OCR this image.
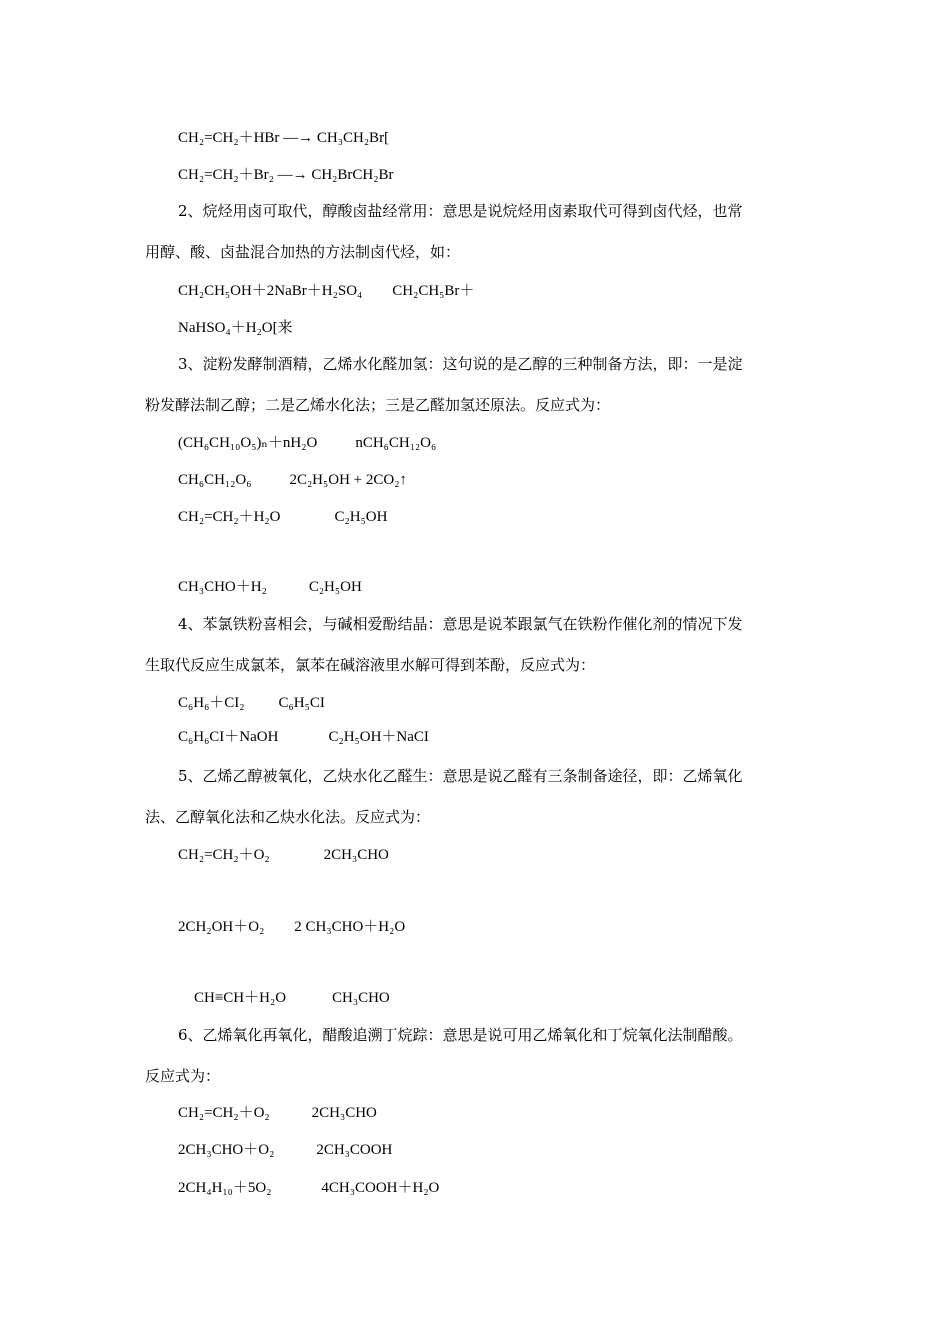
CH₂=CH₂＋HBr —→ CH₃CH₂Br[
CH₂=CH₂＋Br₂ —→ CH₂BrCH₂Br
2、烷烃用卤可取代，醇酸卤盐经常用：意思是说烷烃用卤素取代可得到卤代烃，也常
用醇、酸、卤盐混合加热的方法制卤代烃，如：
CH₂CH₅OH＋2NaBr＋H₂SO₄ CH₂CH₅Br＋
NaHSO₄＋H₂O[来
3、淀粉发酵制酒精，乙烯水化醛加氢：这句说的是乙醇的三种制备方法，即：一是淀
粉发酵法制乙醇；二是乙烯水化法；三是乙醛加氢还原法。反应式为：
(CH₆CH₁₀O₅)ₙ＋nH₂O	nCH₆CH₁₂O₆
CH₆CH₁₂O₆	2C₂H₅OH + 2CO₂↑
CH₂=CH₂＋H₂O	C₂H₅OH
CH₃CHO＋H₂	C₂H₅OH
4、苯氯铁粉喜相会，与碱相爱酚结晶：意思是说苯跟氯气在铁粉作催化剂的情况下发
生取代反应生成氯苯，氯苯在碱溶液里水解可得到苯酚，反应式为：
C₆H₆＋CI₂ C₆H₅CI
C₆H₆CI＋NaOH	C₂H₅OH＋NaCI
5、乙烯乙醇被氧化，乙炔水化乙醛生：意思是说乙醛有三条制备途径，即：乙烯氧化
法、乙醇氧化法和乙炔水化法。反应式为：
CH₂=CH₂＋O₂	2CH₃CHO
2CH₂OH＋O₂ 2 CH₃CHO＋H₂O
CH≡CH＋H₂O	CH₃CHO
6、乙烯氧化再氧化，醋酸追溯丁烷踪：意思是说可用乙烯氧化和丁烷氧化法制醋酸。
反应式为：
CH₂=CH₂＋O₂	2CH₃CHO
2CH₃CHO＋O₂	2CH₃COOH
2CH₄H₁₀＋5O₂	4CH₃COOH＋H₂O
